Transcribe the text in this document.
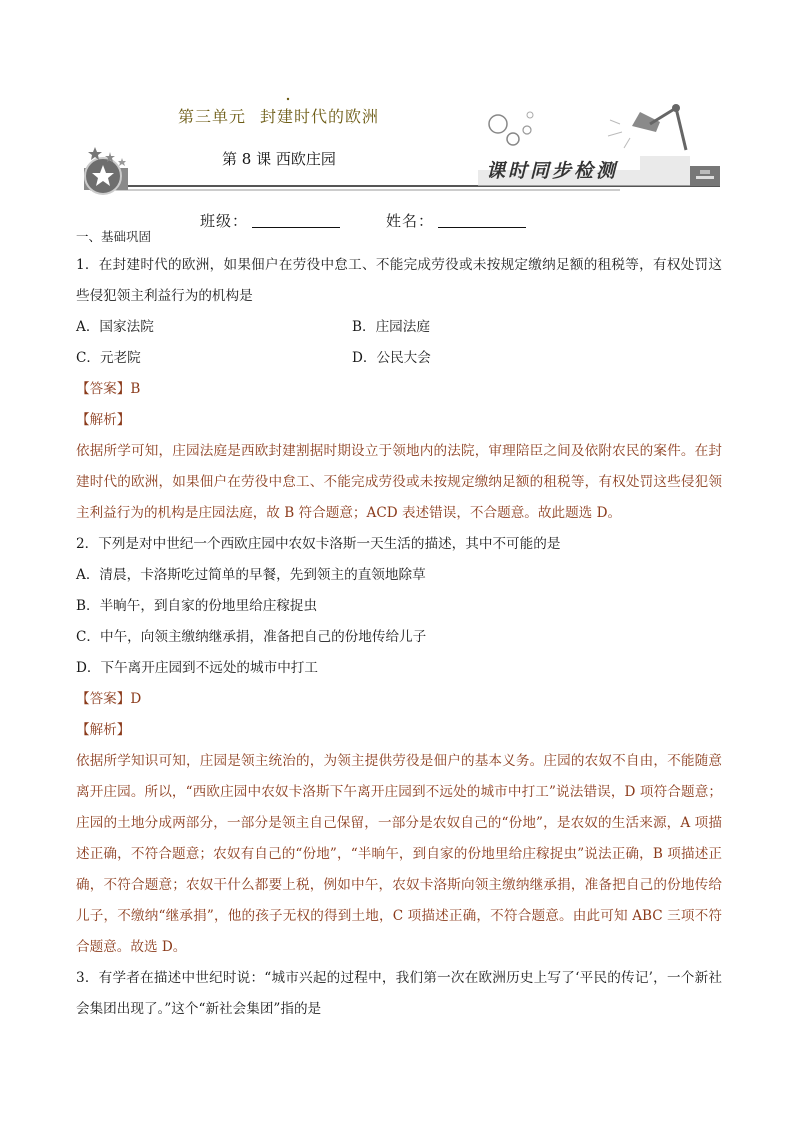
第三单元 封建时代的欧洲
第 8 课 西欧庄园
课时同步检测
班级：	姓名：

一、基础巩固

1．在封建时代的欧洲，如果佃户在劳役中怠工、不能完成劳役或未按规定缴纳足额的租税等，有权处罚这些侵犯领主利益行为的机构是

A．国家法院	B．庄园法庭
C．元老院	D．公民大会

【答案】B

【解析】

依据所学可知，庄园法庭是西欧封建割据时期设立于领地内的法院，审理陪臣之间及依附农民的案件。在封建时代的欧洲，如果佃户在劳役中怠工、不能完成劳役或未按规定缴纳足额的租税等，有权处罚这些侵犯领主利益行为的机构是庄园法庭，故 B 符合题意；ACD 表述错误，不合题意。故此题选 D。

2．下列是对中世纪一个西欧庄园中农奴卡洛斯一天生活的描述，其中不可能的是

A．清晨，卡洛斯吃过简单的早餐，先到领主的直领地除草

B．半晌午，到自家的份地里给庄稼捉虫

C．中午，向领主缴纳继承捐，准备把自己的份地传给儿子

D．下午离开庄园到不远处的城市中打工

【答案】D

【解析】

依据所学知识可知，庄园是领主统治的，为领主提供劳役是佃户的基本义务。庄园的农奴不自由，不能随意离开庄园。所以，“西欧庄园中农奴卡洛斯下午离开庄园到不远处的城市中打工”说法错误，D 项符合题意；庄园的土地分成两部分，一部分是领主自己保留，一部分是农奴自己的“份地”，是农奴的生活来源，A 项描述正确，不符合题意；农奴有自己的“份地”，“半晌午，到自家的份地里给庄稼捉虫”说法正确，B 项描述正确，不符合题意；农奴干什么都要上税，例如中午，农奴卡洛斯向领主缴纳继承捐，准备把自己的份地传给儿子，不缴纳“继承捐”，他的孩子无权的得到土地，C 项描述正确，不符合题意。由此可知 ABC 三项不符合题意。故选 D。

3．有学者在描述中世纪时说：“城市兴起的过程中，我们第一次在欧洲历史上写了‘平民的传记’，一个新社会集团出现了。”这个“新社会集团”指的是
